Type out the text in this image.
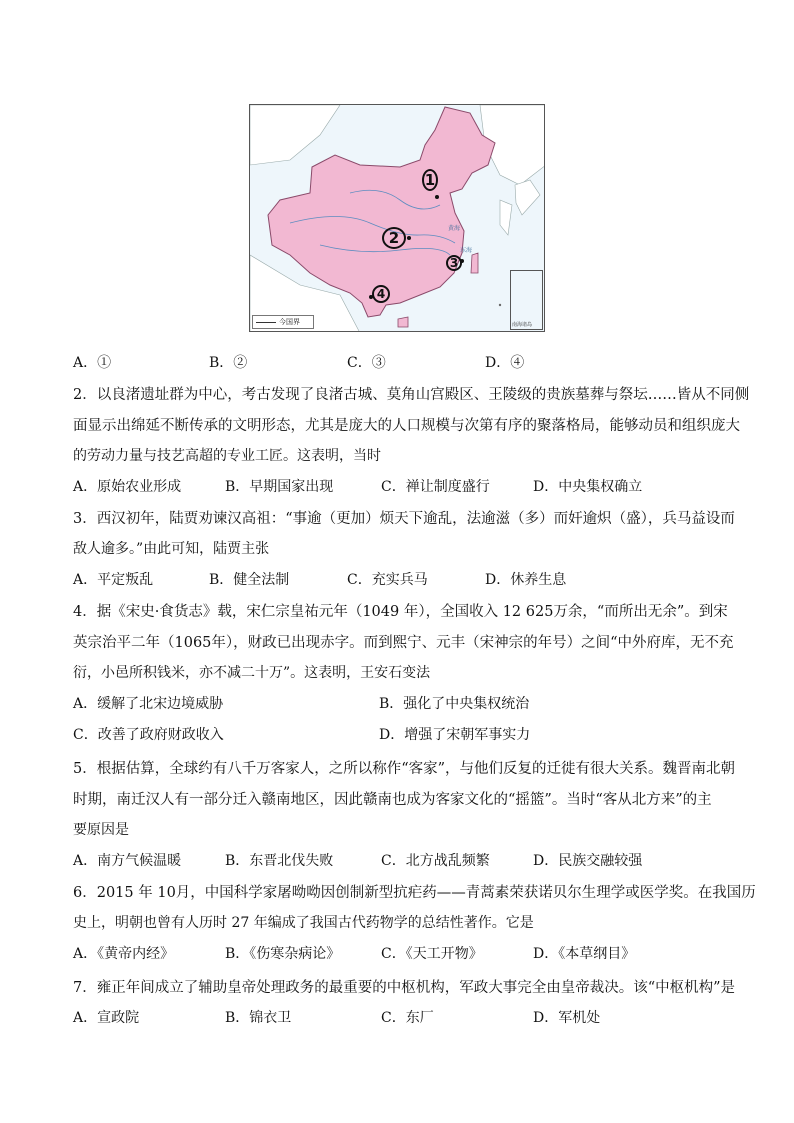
黄海
东海
1
2
3
4
今国界	南海诸岛
A．①	B．②	C．③	D．④
2．以良渚遗址群为中心，考古发现了良渚古城、莫角山宫殿区、王陵级的贵族墓葬与祭坛……皆从不同侧
面显示出绵延不断传承的文明形态，尤其是庞大的人口规模与次第有序的聚落格局，能够动员和组织庞大
的劳动力量与技艺高超的专业工匠。这表明，当时
A．原始农业形成	B．早期国家出现	C．禅让制度盛行	D．中央集权确立
3．西汉初年，陆贾劝谏汉高祖：“事逾（更加）烦天下逾乱，法逾滋（多）而奸逾炽（盛），兵马益设而
敌人逾多。”由此可知，陆贾主张
A．平定叛乱	B．健全法制	C．充实兵马	D．休养生息
4．据《宋史·食货志》载，宋仁宗皇祐元年（1049 年），全国收入 12 625万余，“而所出无余”。到宋
英宗治平二年（1065年），财政已出现赤字。而到熙宁、元丰（宋神宗的年号）之间“中外府库，无不充
衍，小邑所积钱米，亦不减二十万”。这表明，王安石变法
A．缓解了北宋边境威胁	B．强化了中央集权统治
C．改善了政府财政收入	D．增强了宋朝军事实力
5．根据估算，全球约有八千万客家人，之所以称作“客家”，与他们反复的迁徙有很大关系。魏晋南北朝
时期，南迁汉人有一部分迁入赣南地区，因此赣南也成为客家文化的“摇篮”。当时“客从北方来”的主
要原因是
A．南方气候温暖	B．东晋北伐失败	C．北方战乱频繁	D．民族交融较强
6．2015 年 10月，中国科学家屠呦呦因创制新型抗疟药——青蒿素荣获诺贝尔生理学或医学奖。在我国历
史上，明朝也曾有人历时 27 年编成了我国古代药物学的总结性著作。它是
A．《黄帝内经》	B．《伤寒杂病论》	C．《天工开物》	D．《本草纲目》
7．雍正年间成立了辅助皇帝处理政务的最重要的中枢机构，军政大事完全由皇帝裁决。该“中枢机构”是
A．宣政院	B．锦衣卫	C．东厂	D．军机处
